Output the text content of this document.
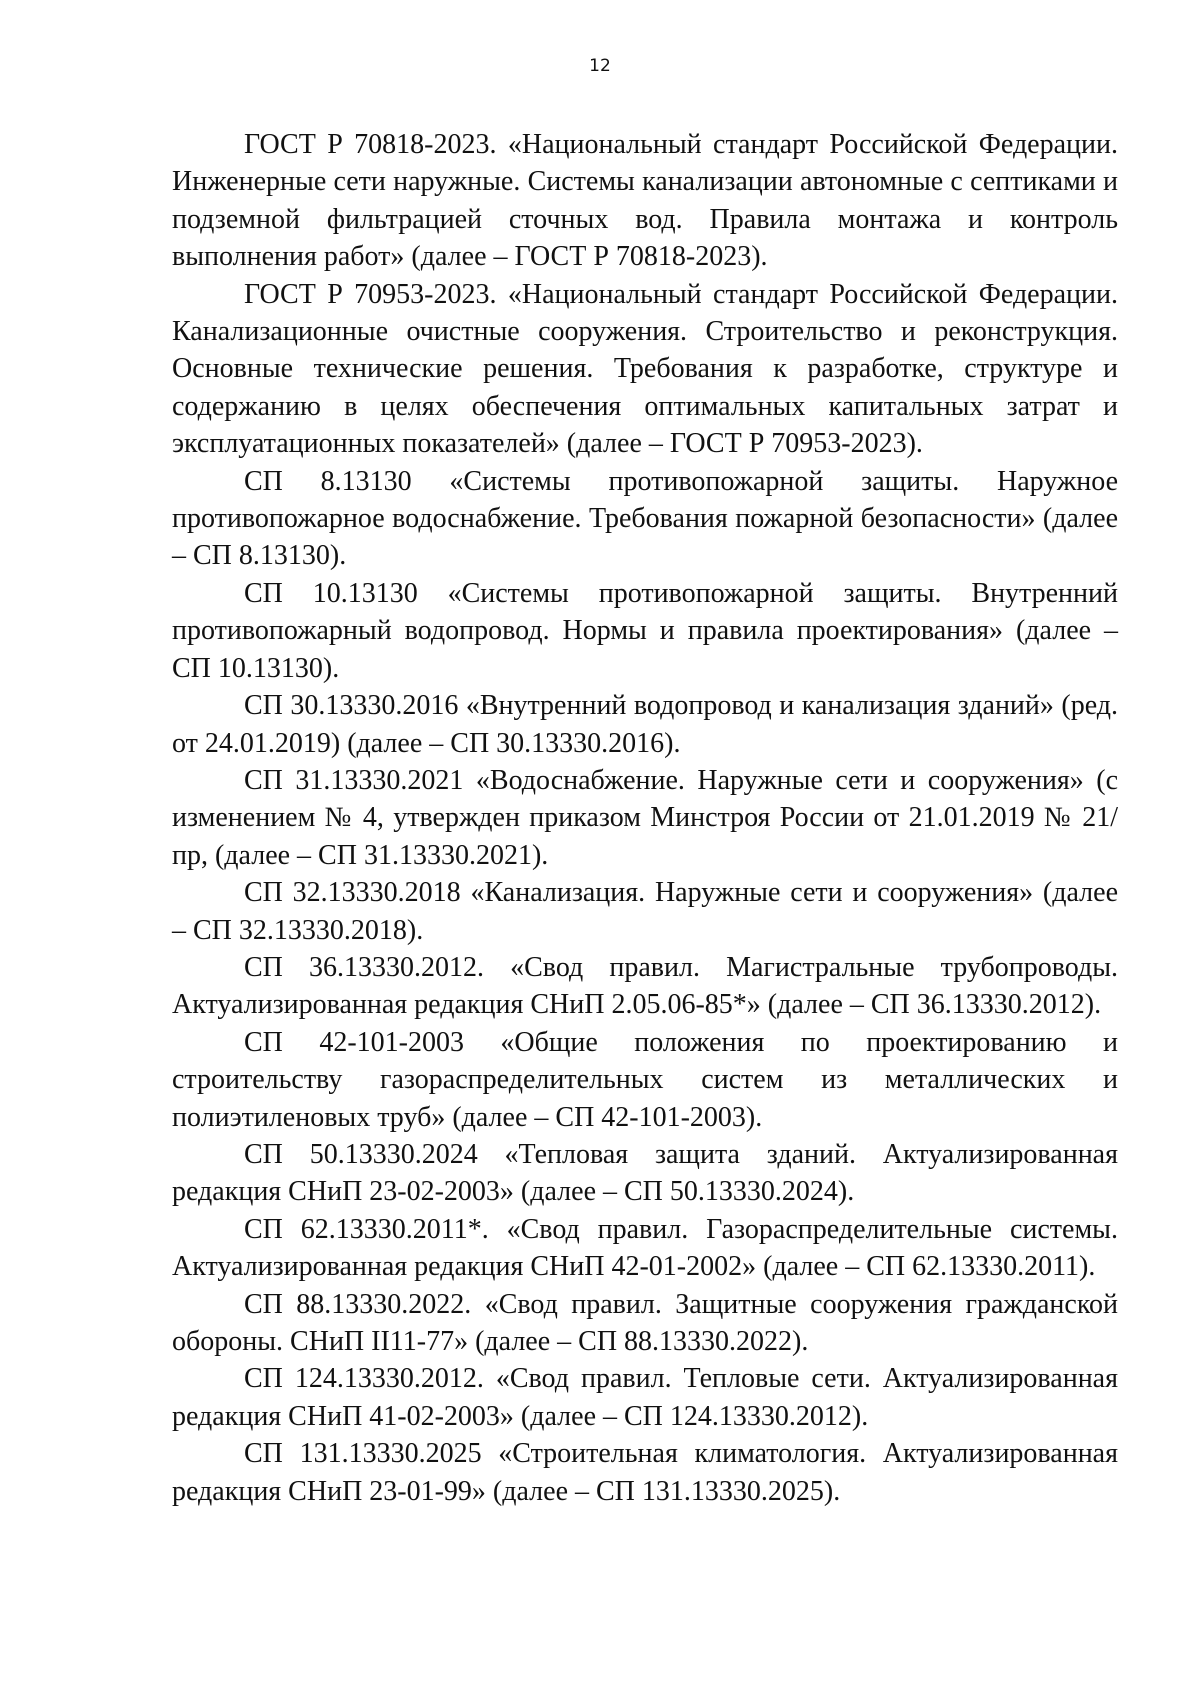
12

ГОСТ Р 70818-2023. «Национальный стандарт Российской Федерации. Инженерные сети наружные. Системы канализации автономные с септиками и подземной фильтрацией сточных вод. Правила монтажа и контроль выполнения работ» (далее – ГОСТ Р 70818-2023).

ГОСТ Р 70953-2023. «Национальный стандарт Российской Федерации. Канализационные очистные сооружения. Строительство и реконструкция. Основные технические решения. Требования к разработке, структуре и содержанию в целях обеспечения оптимальных капитальных затрат и эксплуатационных показателей» (далее – ГОСТ Р 70953-2023).

СП 8.13130 «Системы противопожарной защиты. Наружное противопожарное водоснабжение. Требования пожарной безопасности» (далее – СП 8.13130).

СП 10.13130 «Системы противопожарной защиты. Внутренний противопожарный водопровод. Нормы и правила проектирования» (далее – СП 10.13130).

СП 30.13330.2016 «Внутренний водопровод и канализация зданий» (ред. от 24.01.2019) (далее – СП 30.13330.2016).

СП 31.13330.2021 «Водоснабжение. Наружные сети и сооружения» (с изменением № 4, утвержден приказом Минстроя России от 21.01.2019 № 21/пр, (далее – СП 31.13330.2021).

СП 32.13330.2018 «Канализация. Наружные сети и сооружения» (далее – СП 32.13330.2018).

СП 36.13330.2012. «Свод правил. Магистральные трубопроводы. Актуализированная редакция СНиП 2.05.06-85*» (далее – СП 36.13330.2012).

СП 42-101-2003 «Общие положения по проектированию и строительству газораспределительных систем из металлических и полиэтиленовых труб» (далее – СП 42-101-2003).

СП 50.13330.2024 «Тепловая защита зданий. Актуализированная редакция СНиП 23-02-2003» (далее – СП 50.13330.2024).

СП 62.13330.2011*. «Свод правил. Газораспределительные системы. Актуализированная редакция СНиП 42-01-2002» (далее – СП 62.13330.2011).

СП 88.13330.2022. «Свод правил. Защитные сооружения гражданской обороны. СНиП II11-77» (далее – СП 88.13330.2022).

СП 124.13330.2012. «Свод правил. Тепловые сети. Актуализированная редакция СНиП 41-02-2003» (далее – СП 124.13330.2012).

СП 131.13330.2025 «Строительная климатология. Актуализированная редакция СНиП 23-01-99» (далее – СП 131.13330.2025).
